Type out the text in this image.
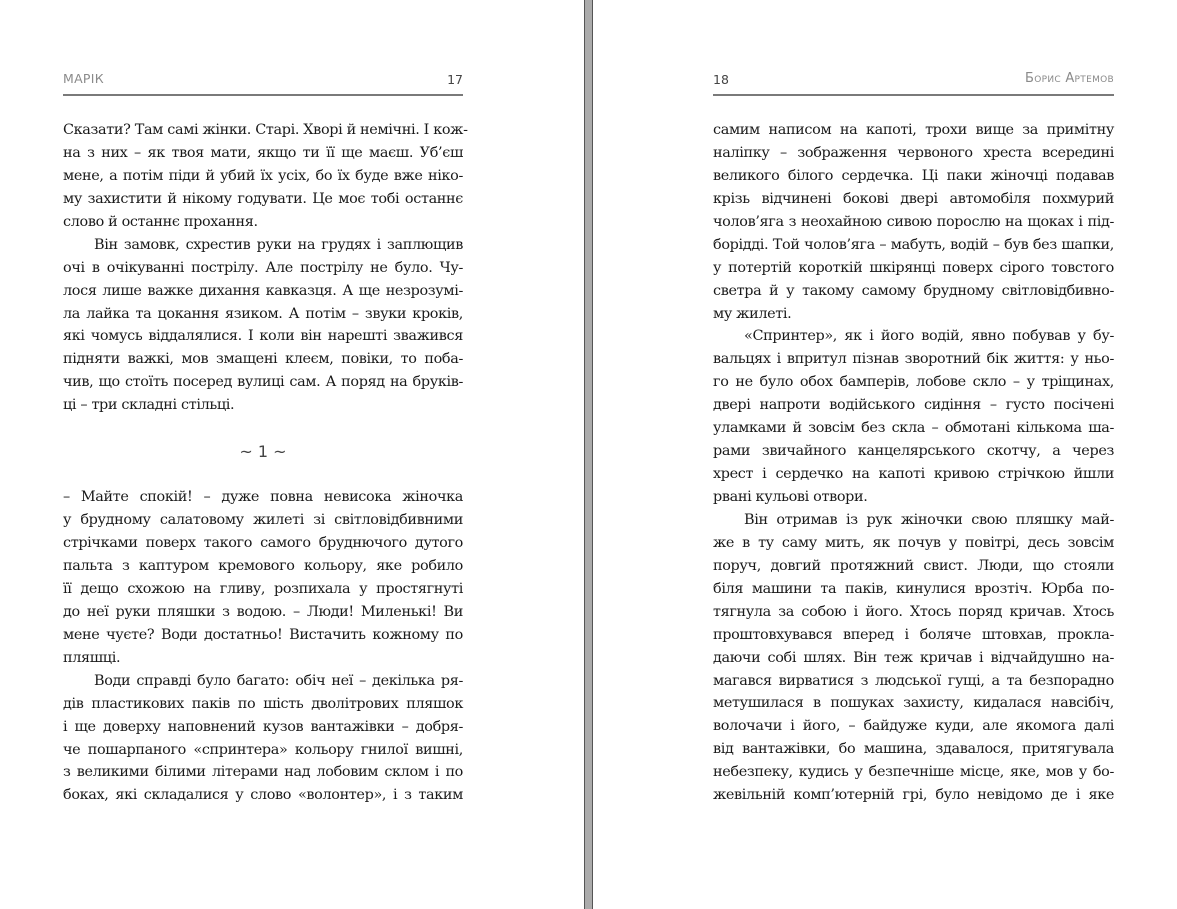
МАРІК	17
Сказати? Там самі жінки. Старі. Хворі й немічні. І кож-
на з них – як твоя мати, якщо ти її ще маєш. Уб’єш
мене, а потім піди й убий їх усіх, бо їх буде вже ніко-
му захистити й нікому годувати. Це моє тобі останнє
слово й останнє прохання.
Він замовк, схрестив руки на грудях і заплющив
очі в очікуванні пострілу. Але пострілу не було. Чу-
лося лише важке дихання кавказця. А ще незрозумі-
ла лайка та цокання язиком. А потім – звуки кроків,
які чомусь віддалялися. І коли він нарешті зважився
підняти важкі, мов змащені клеєм, повіки, то поба-
чив, що стоїть посеред вулиці сам. А поряд на бруків-
ці – три складні стільці.
~ 1 ~
– Майте спокій! – дуже повна невисока жіночка
у брудному салатовому жилеті зі світловідбивними
стрічками поверх такого самого бруднючого дутого
пальта з каптуром кремового кольору, яке робило
її дещо схожою на гливу, розпихала у простягнуті
до неї руки пляшки з водою. – Люди! Миленькі! Ви
мене чуєте? Води достатньо! Вистачить кожному по
пляшці.
Води справді було багато: обіч неї – декілька ря-
дів пластикових паків по шість дволітрових пляшок
і ще доверху наповнений кузов вантажівки – добря-
че пошарпаного «спринтера» кольору гнилої вишні,
з великими білими літерами над лобовим склом і по
боках, які складалися у слово «волонтер», і з таким
18	Борис Артемов
самим написом на капоті, трохи вище за примітну
наліпку – зображення червоного хреста всередині
великого білого сердечка. Ці паки жіночці подавав
крізь відчинені бокові двері автомобіля похмурий
чолов’яга з неохайною сивою порослю на щоках і під-
борідді. Той чолов’яга – мабуть, водій – був без шапки,
у потертій короткій шкірянці поверх сірого товстого
светра й у такому самому брудному світловідбивно-
му жилеті.
«Спринтер», як і його водій, явно побував у бу-
вальцях і впритул пізнав зворотний бік життя: у ньо-
го не було обох бамперів, лобове скло – у тріщинах,
двері напроти водійського сидіння – густо посічені
уламками й зовсім без скла – обмотані кількома ша-
рами звичайного канцелярського скотчу, а через
хрест і сердечко на капоті кривою стрічкою йшли
рвані кульові отвори.
Він отримав із рук жіночки свою пляшку май-
же в ту саму мить, як почув у повітрі, десь зовсім
поруч, довгий протяжний свист. Люди, що стояли
біля машини та паків, кинулися врозтіч. Юрба по-
тягнула за собою і його. Хтось поряд кричав. Хтось
проштовхувався вперед і боляче штовхав, прокла-
даючи собі шлях. Він теж кричав і відчайдушно на-
магався вирватися з людської гущі, а та безпорадно
метушилася в пошуках захисту, кидалася навсібіч,
волочачи і його, – байдуже куди, але якомога далі
від вантажівки, бо машина, здавалося, притягувала
небезпеку, кудись у безпечніше місце, яке, мов у бо-
жевільній комп’ютерній грі, було невідомо де і яке
